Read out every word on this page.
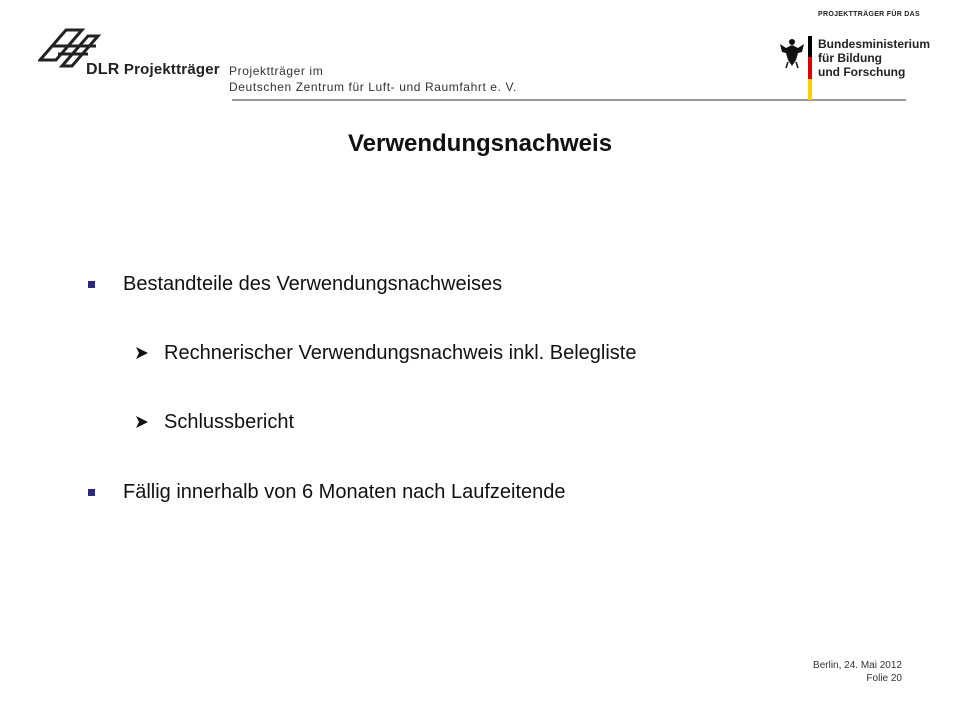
DLR Projektträger Projektträger im
Deutschen Zentrum für Luft- und Raumfahrt e. V.
PROJEKTTRÄGER FÜR DAS
Bundesministerium
für Bildung
und Forschung
Verwendungsnachweis
Bestandteile des Verwendungsnachweises
Rechnerischer Verwendungsnachweis inkl. Belegliste
Schlussbericht
Fällig innerhalb von 6 Monaten nach Laufzeitende
Berlin, 24. Mai 2012
Folie 20
